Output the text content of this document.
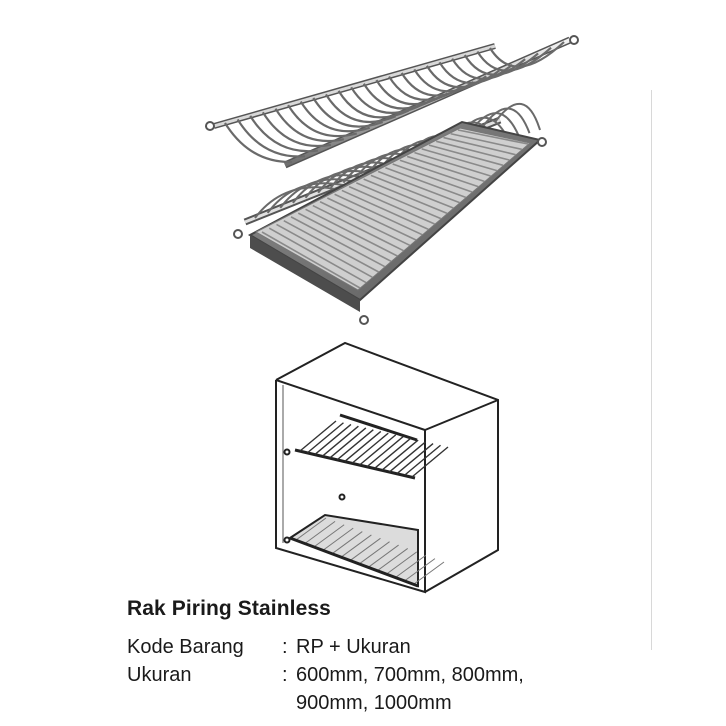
Rak Piring Stainless
Kode Barang	: RP + Ukuran
Ukuran	: 600mm, 700mm, 800mm, 900mm, 1000mm
